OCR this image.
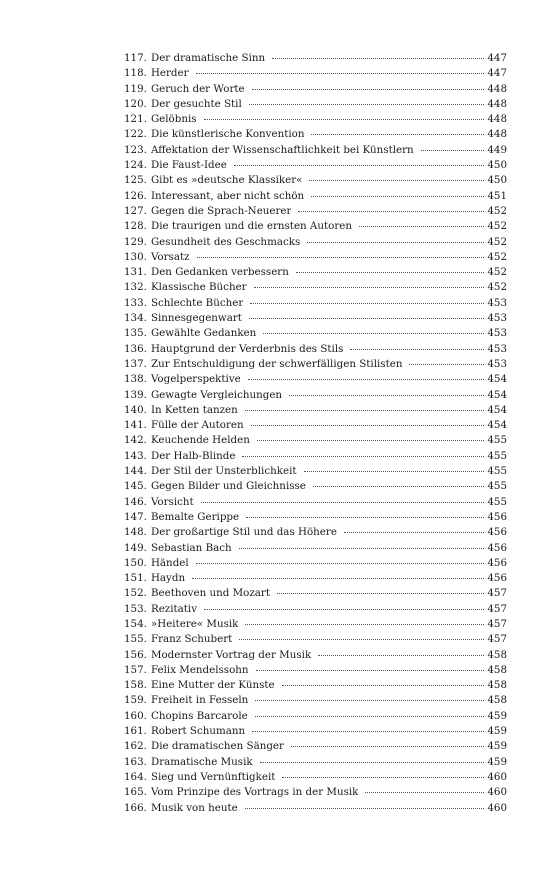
117. Der dramatische Sinn	447
118. Herder	447
119. Geruch der Worte	448
120. Der gesuchte Stil	448
121. Gelöbnis	448
122. Die künstlerische Konvention	448
123. Affektation der Wissenschaftlichkeit bei Künstlern	449
124. Die Faust-Idee	450
125. Gibt es »deutsche Klassiker«	450
126. Interessant, aber nicht schön	451
127. Gegen die Sprach-Neuerer	452
128. Die traurigen und die ernsten Autoren	452
129. Gesundheit des Geschmacks	452
130. Vorsatz	452
131. Den Gedanken verbessern	452
132. Klassische Bücher	452
133. Schlechte Bücher	453
134. Sinnesgegenwart	453
135. Gewählte Gedanken	453
136. Hauptgrund der Verderbnis des Stils	453
137. Zur Entschuldigung der schwerfälligen Stilisten	453
138. Vogelperspektive	454
139. Gewagte Vergleichungen	454
140. In Ketten tanzen	454
141. Fülle der Autoren	454
142. Keuchende Helden	455
143. Der Halb-Blinde	455
144. Der Stil der Unsterblichkeit	455
145. Gegen Bilder und Gleichnisse	455
146. Vorsicht	455
147. Bemalte Gerippe	456
148. Der großartige Stil und das Höhere	456
149. Sebastian Bach	456
150. Händel	456
151. Haydn	456
152. Beethoven und Mozart	457
153. Rezitativ	457
154. »Heitere« Musik	457
155. Franz Schubert	457
156. Modernster Vortrag der Musik	458
157. Felix Mendelssohn	458
158. Eine Mutter der Künste	458
159. Freiheit in Fesseln	458
160. Chopins Barcarole	459
161. Robert Schumann	459
162. Die dramatischen Sänger	459
163. Dramatische Musik	459
164. Sieg und Vernünftigkeit	460
165. Vom Prinzipe des Vortrags in der Musik	460
166. Musik von heute	460
